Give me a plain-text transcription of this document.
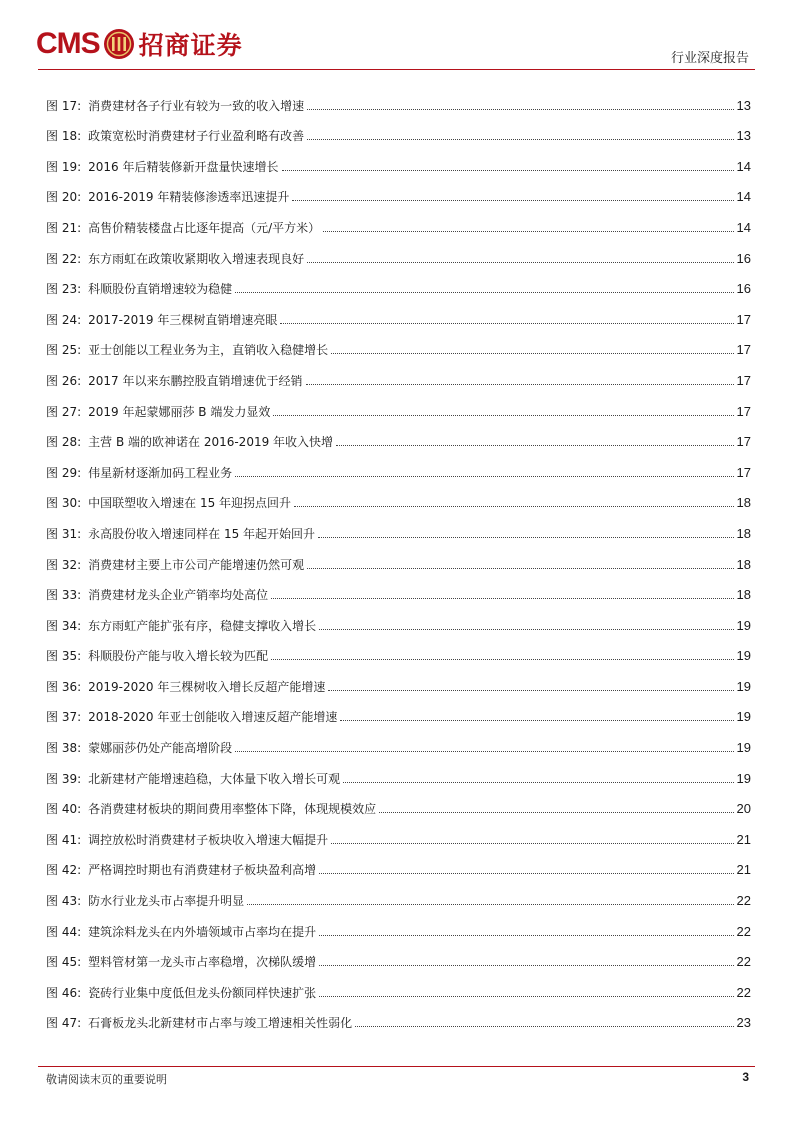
CMS 招商证券	行业深度报告
图 17: 消费建材各子行业有较为一致的收入增速	13
图 18: 政策宽松时消费建材子行业盈利略有改善	13
图 19: 2016 年后精装修新开盘量快速增长	14
图 20: 2016-2019 年精装修渗透率迅速提升	14
图 21: 高售价精装楼盘占比逐年提高（元/平方米）	14
图 22: 东方雨虹在政策收紧期收入增速表现良好	16
图 23: 科顺股份直销增速较为稳健	16
图 24: 2017-2019 年三棵树直销增速亮眼	17
图 25: 亚士创能以工程业务为主，直销收入稳健增长	17
图 26: 2017 年以来东鹏控股直销增速优于经销	17
图 27: 2019 年起蒙娜丽莎 B 端发力显效	17
图 28: 主营 B 端的欧神诺在 2016-2019 年收入快增	17
图 29: 伟星新材逐渐加码工程业务	17
图 30: 中国联塑收入增速在 15 年迎拐点回升	18
图 31: 永高股份收入增速同样在 15 年起开始回升	18
图 32: 消费建材主要上市公司产能增速仍然可观	18
图 33: 消费建材龙头企业产销率均处高位	18
图 34: 东方雨虹产能扩张有序，稳健支撑收入增长	19
图 35: 科顺股份产能与收入增长较为匹配	19
图 36: 2019-2020 年三棵树收入增长反超产能增速	19
图 37: 2018-2020 年亚士创能收入增速反超产能增速	19
图 38: 蒙娜丽莎仍处产能高增阶段	19
图 39: 北新建材产能增速趋稳，大体量下收入增长可观	19
图 40: 各消费建材板块的期间费用率整体下降，体现规模效应	20
图 41: 调控放松时消费建材子板块收入增速大幅提升	21
图 42: 严格调控时期也有消费建材子板块盈利高增	21
图 43: 防水行业龙头市占率提升明显	22
图 44: 建筑涂料龙头在内外墙领域市占率均在提升	22
图 45: 塑料管材第一龙头市占率稳增，次梯队缓增	22
图 46: 瓷砖行业集中度低但龙头份额同样快速扩张	22
图 47: 石膏板龙头北新建材市占率与竣工增速相关性弱化	23
敬请阅读末页的重要说明	3
